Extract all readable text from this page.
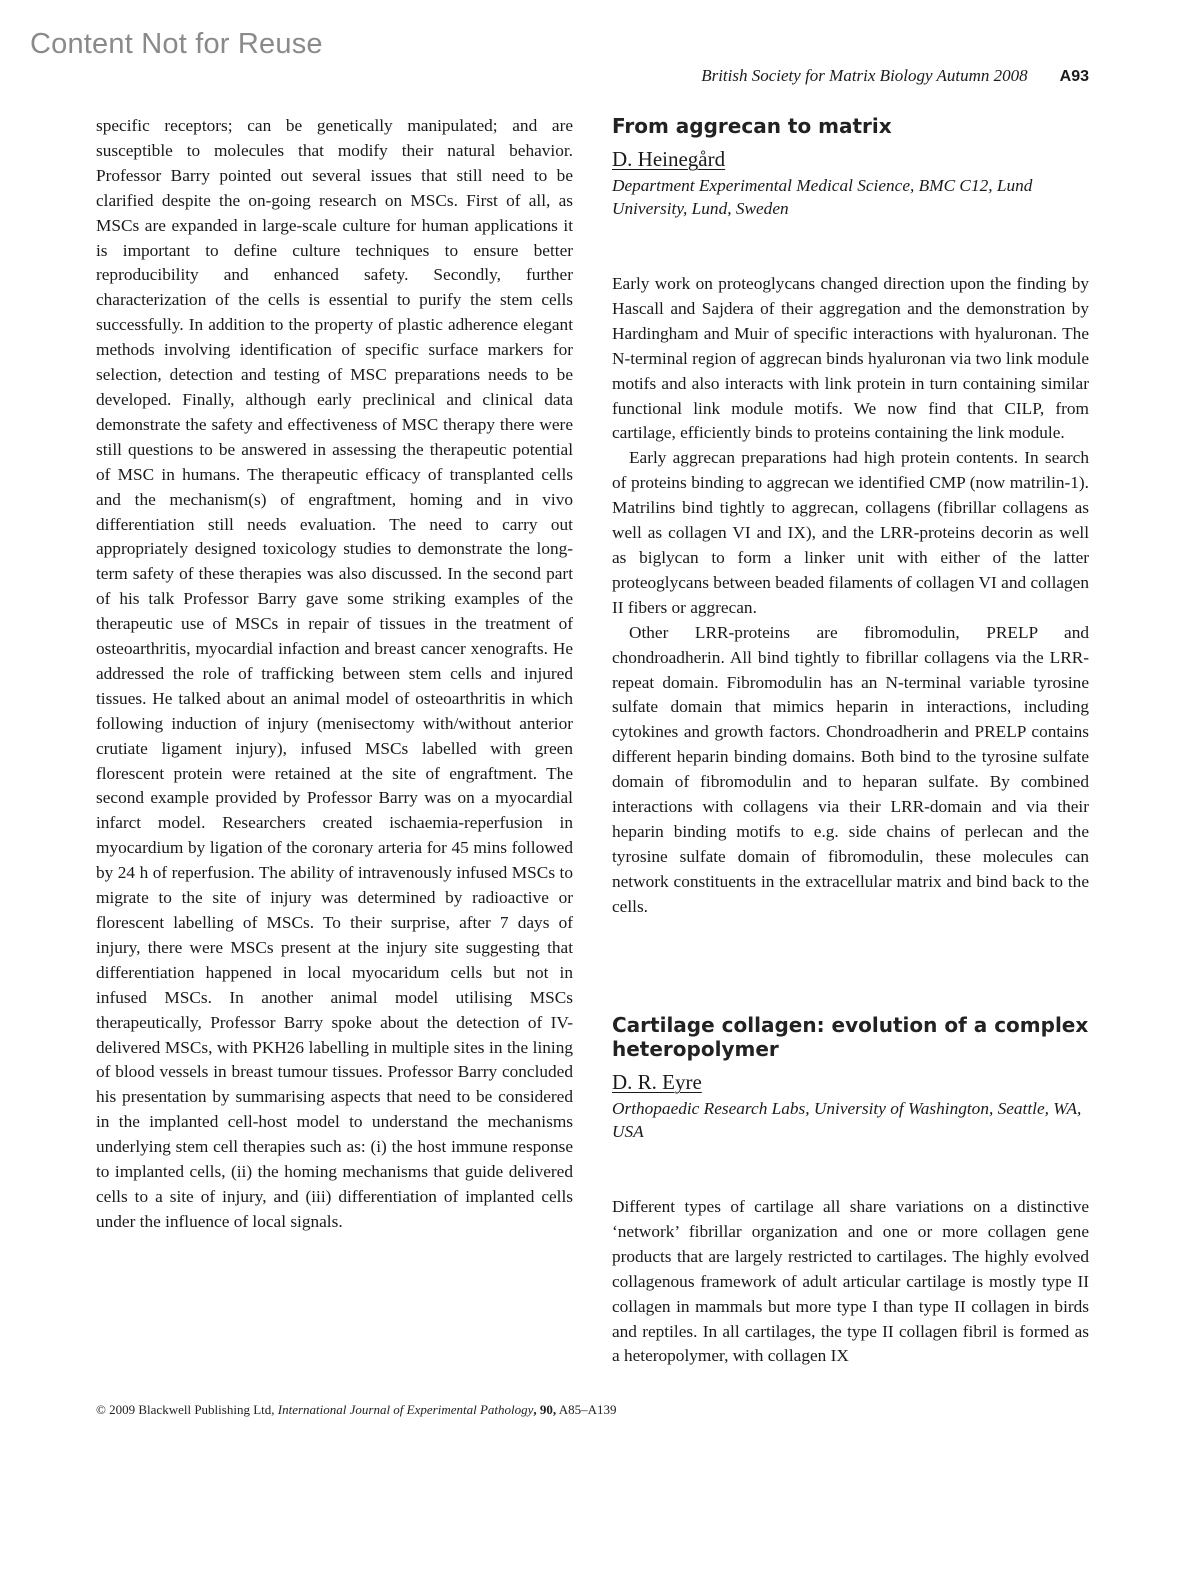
Content Not for Reuse
British Society for Matrix Biology Autumn 2008 A93

specific receptors; can be genetically manipulated; and are susceptible to molecules that modify their natural behavior. Professor Barry pointed out several issues that still need to be clarified despite the on-going research on MSCs. First of all, as MSCs are expanded in large-scale culture for human applications it is important to define culture techniques to ensure better reproducibility and enhanced safety. Secondly, further characterization of the cells is essential to purify the stem cells successfully. In addition to the property of plastic adherence elegant methods involving identification of specific surface markers for selection, detection and testing of MSC preparations needs to be developed. Finally, although early preclinical and clinical data demonstrate the safety and effectiveness of MSC therapy there were still questions to be answered in assessing the therapeutic potential of MSC in humans. The therapeutic efficacy of transplanted cells and the mechanism(s) of engraftment, homing and in vivo differentiation still needs evaluation. The need to carry out appropriately designed toxicology studies to demonstrate the long-term safety of these therapies was also discussed. In the second part of his talk Professor Barry gave some striking examples of the therapeutic use of MSCs in repair of tissues in the treatment of osteoarthritis, myocardial infaction and breast cancer xenografts. He addressed the role of trafficking between stem cells and injured tissues. He talked about an animal model of osteoarthritis in which following induction of injury (menisectomy with/without anterior crutiate ligament injury), infused MSCs labelled with green florescent protein were retained at the site of engraftment. The second example provided by Professor Barry was on a myocardial infarct model. Researchers created ischaemia-reperfusion in myocardium by ligation of the coronary arteria for 45 mins followed by 24 h of reperfusion. The ability of intravenously infused MSCs to migrate to the site of injury was determined by radioactive or florescent labelling of MSCs. To their surprise, after 7 days of injury, there were MSCs present at the injury site suggesting that differentiation happened in local myocaridum cells but not in infused MSCs. In another animal model utilising MSCs therapeutically, Professor Barry spoke about the detection of IV-delivered MSCs, with PKH26 labelling in multiple sites in the lining of blood vessels in breast tumour tissues. Professor Barry concluded his presentation by summarising aspects that need to be considered in the implanted cell-host model to understand the mechanisms underlying stem cell therapies such as: (i) the host immune response to implanted cells, (ii) the homing mechanisms that guide delivered cells to a site of injury, and (iii) differentiation of implanted cells under the influence of local signals.

From aggrecan to matrix
D. Heinegård
Department Experimental Medical Science, BMC C12, Lund University, Lund, Sweden

Early work on proteoglycans changed direction upon the finding by Hascall and Sajdera of their aggregation and the demonstration by Hardingham and Muir of specific interactions with hyaluronan. The N-terminal region of aggrecan binds hyaluronan via two link module motifs and also interacts with link protein in turn containing similar functional link module motifs. We now find that CILP, from cartilage, efficiently binds to proteins containing the link module.

Early aggrecan preparations had high protein contents. In search of proteins binding to aggrecan we identified CMP (now matrilin-1). Matrilins bind tightly to aggrecan, collagens (fibrillar collagens as well as collagen VI and IX), and the LRR-proteins decorin as well as biglycan to form a linker unit with either of the latter proteoglycans between beaded filaments of collagen VI and collagen II fibers or aggrecan.

Other LRR-proteins are fibromodulin, PRELP and chondroadherin. All bind tightly to fibrillar collagens via the LRR-repeat domain. Fibromodulin has an N-terminal variable tyrosine sulfate domain that mimics heparin in interactions, including cytokines and growth factors. Chondroadherin and PRELP contains different heparin binding domains. Both bind to the tyrosine sulfate domain of fibromodulin and to heparan sulfate. By combined interactions with collagens via their LRR-domain and via their heparin binding motifs to e.g. side chains of perlecan and the tyrosine sulfate domain of fibromodulin, these molecules can network constituents in the extracellular matrix and bind back to the cells.

Cartilage collagen: evolution of a complex heteropolymer
D. R. Eyre
Orthopaedic Research Labs, University of Washington, Seattle, WA, USA

Different types of cartilage all share variations on a distinctive ‘network’ fibrillar organization and one or more collagen gene products that are largely restricted to cartilages. The highly evolved collagenous framework of adult articular cartilage is mostly type II collagen in mammals but more type I than type II collagen in birds and reptiles. In all cartilages, the type II collagen fibril is formed as a heteropolymer, with collagen IX

© 2009 Blackwell Publishing Ltd, International Journal of Experimental Pathology, 90, A85–A139
